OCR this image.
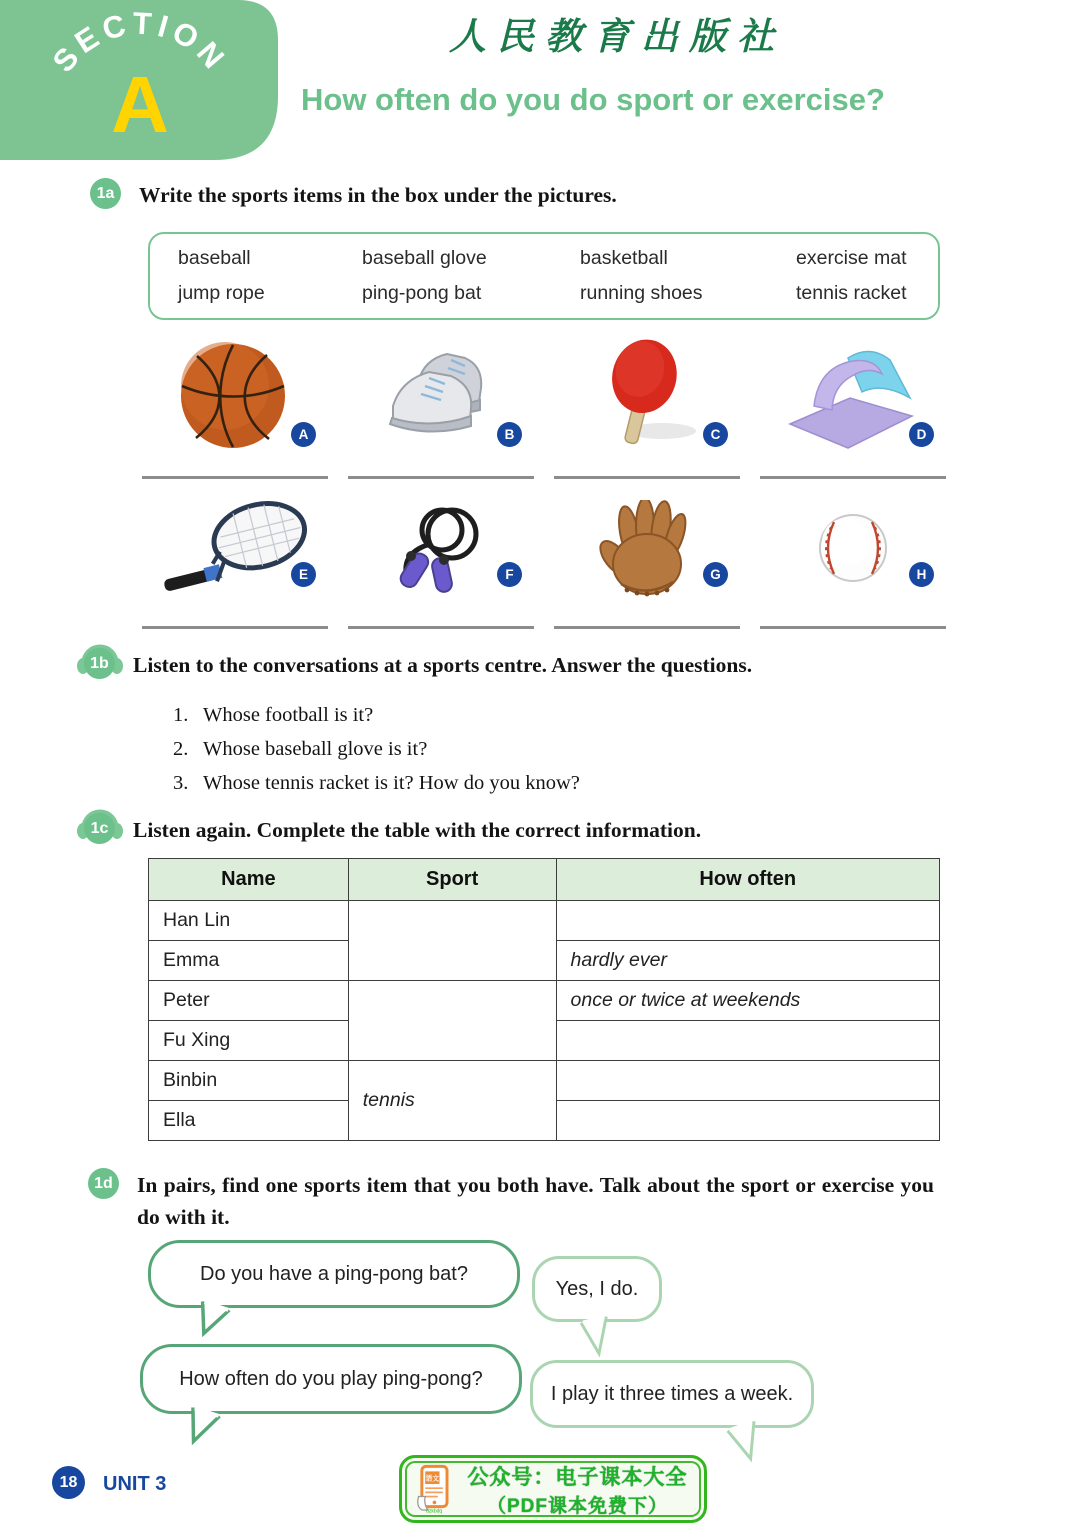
SECTION
A
人民教育出版社
How often do you do sport or exercise?
1a	Write the sports items in the box under the pictures.
baseball	baseball glove	basketball	exercise mat
jump rope	ping-pong bat	running shoes	tennis racket
A	B	C	D
E	F	G	H
1b Listen to the conversations at a sports centre. Answer the questions.
1. Whose football is it?
2. Whose baseball glove is it?
3. Whose tennis racket is it? How do you know?
1c	Listen again. Complete the table with the correct information.
Name	Sport	How often
Han Lin		
Emma		hardly ever
Peter		once or twice at weekends
Fu Xing		
Binbin	tennis	
Ella		
1d In pairs, find one sports item that you both have. Talk about the sport or exercise you do with it.
Do you have a ping-pong bat?
Yes, I do.
How often do you play ping-pong?
I play it three times a week.
18	UNIT 3	语文
dzkbdq
公众号：电子课本大全
（PDF课本免费下）
